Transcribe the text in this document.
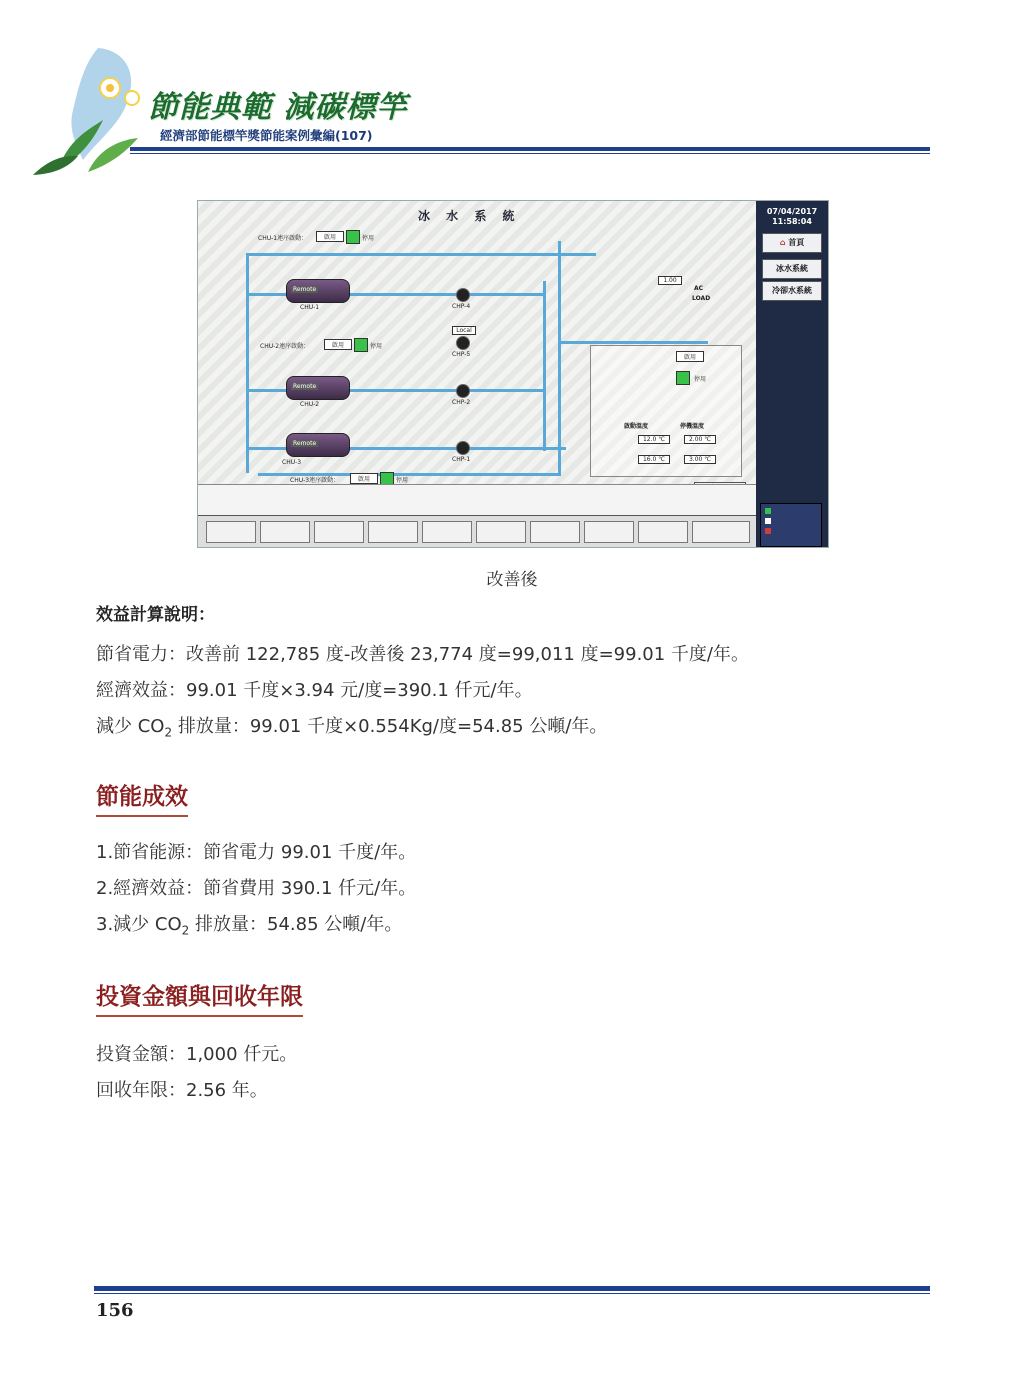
節能典範 減碳標竿
經濟部節能標竿獎節能案例彙編(107)
冰 水 系 統
CHU-1連序啟動：	啟用	停用
Remote
CHU-1
CHU-2連序啟動：	啟用	停用
Remote
CHU-2
Remote
CHU-3
CHU-3連序啟動：	啟用	停用
CHP-4
CHP-5
Local
CHP-2
CHP-1
1.00
AC
LOAD
啟用
停用
啟動溫度	停機溫度
12.0 ℃	2.00 ℃
16.0 ℃	3.00 ℃
07/04/2017
11:58:04
⌂ 首頁
冰水系統
冷卻水系統
改善後
效益計算說明：
節省電力：改善前 122,785 度-改善後 23,774 度=99,011 度=99.01 千度/年。
經濟效益：99.01 千度×3.94 元/度=390.1 仟元/年。
減少 $CO_2$ 排放量：99.01 千度×0.554Kg/度=54.85 公噸/年。
節能成效
1.節省能源：節省電力 99.01 千度/年。
2.經濟效益：節省費用 390.1 仟元/年。
3.減少 $CO_2$ 排放量：54.85 公噸/年。
投資金額與回收年限
投資金額：1,000 仟元。
回收年限：2.56 年。
156
